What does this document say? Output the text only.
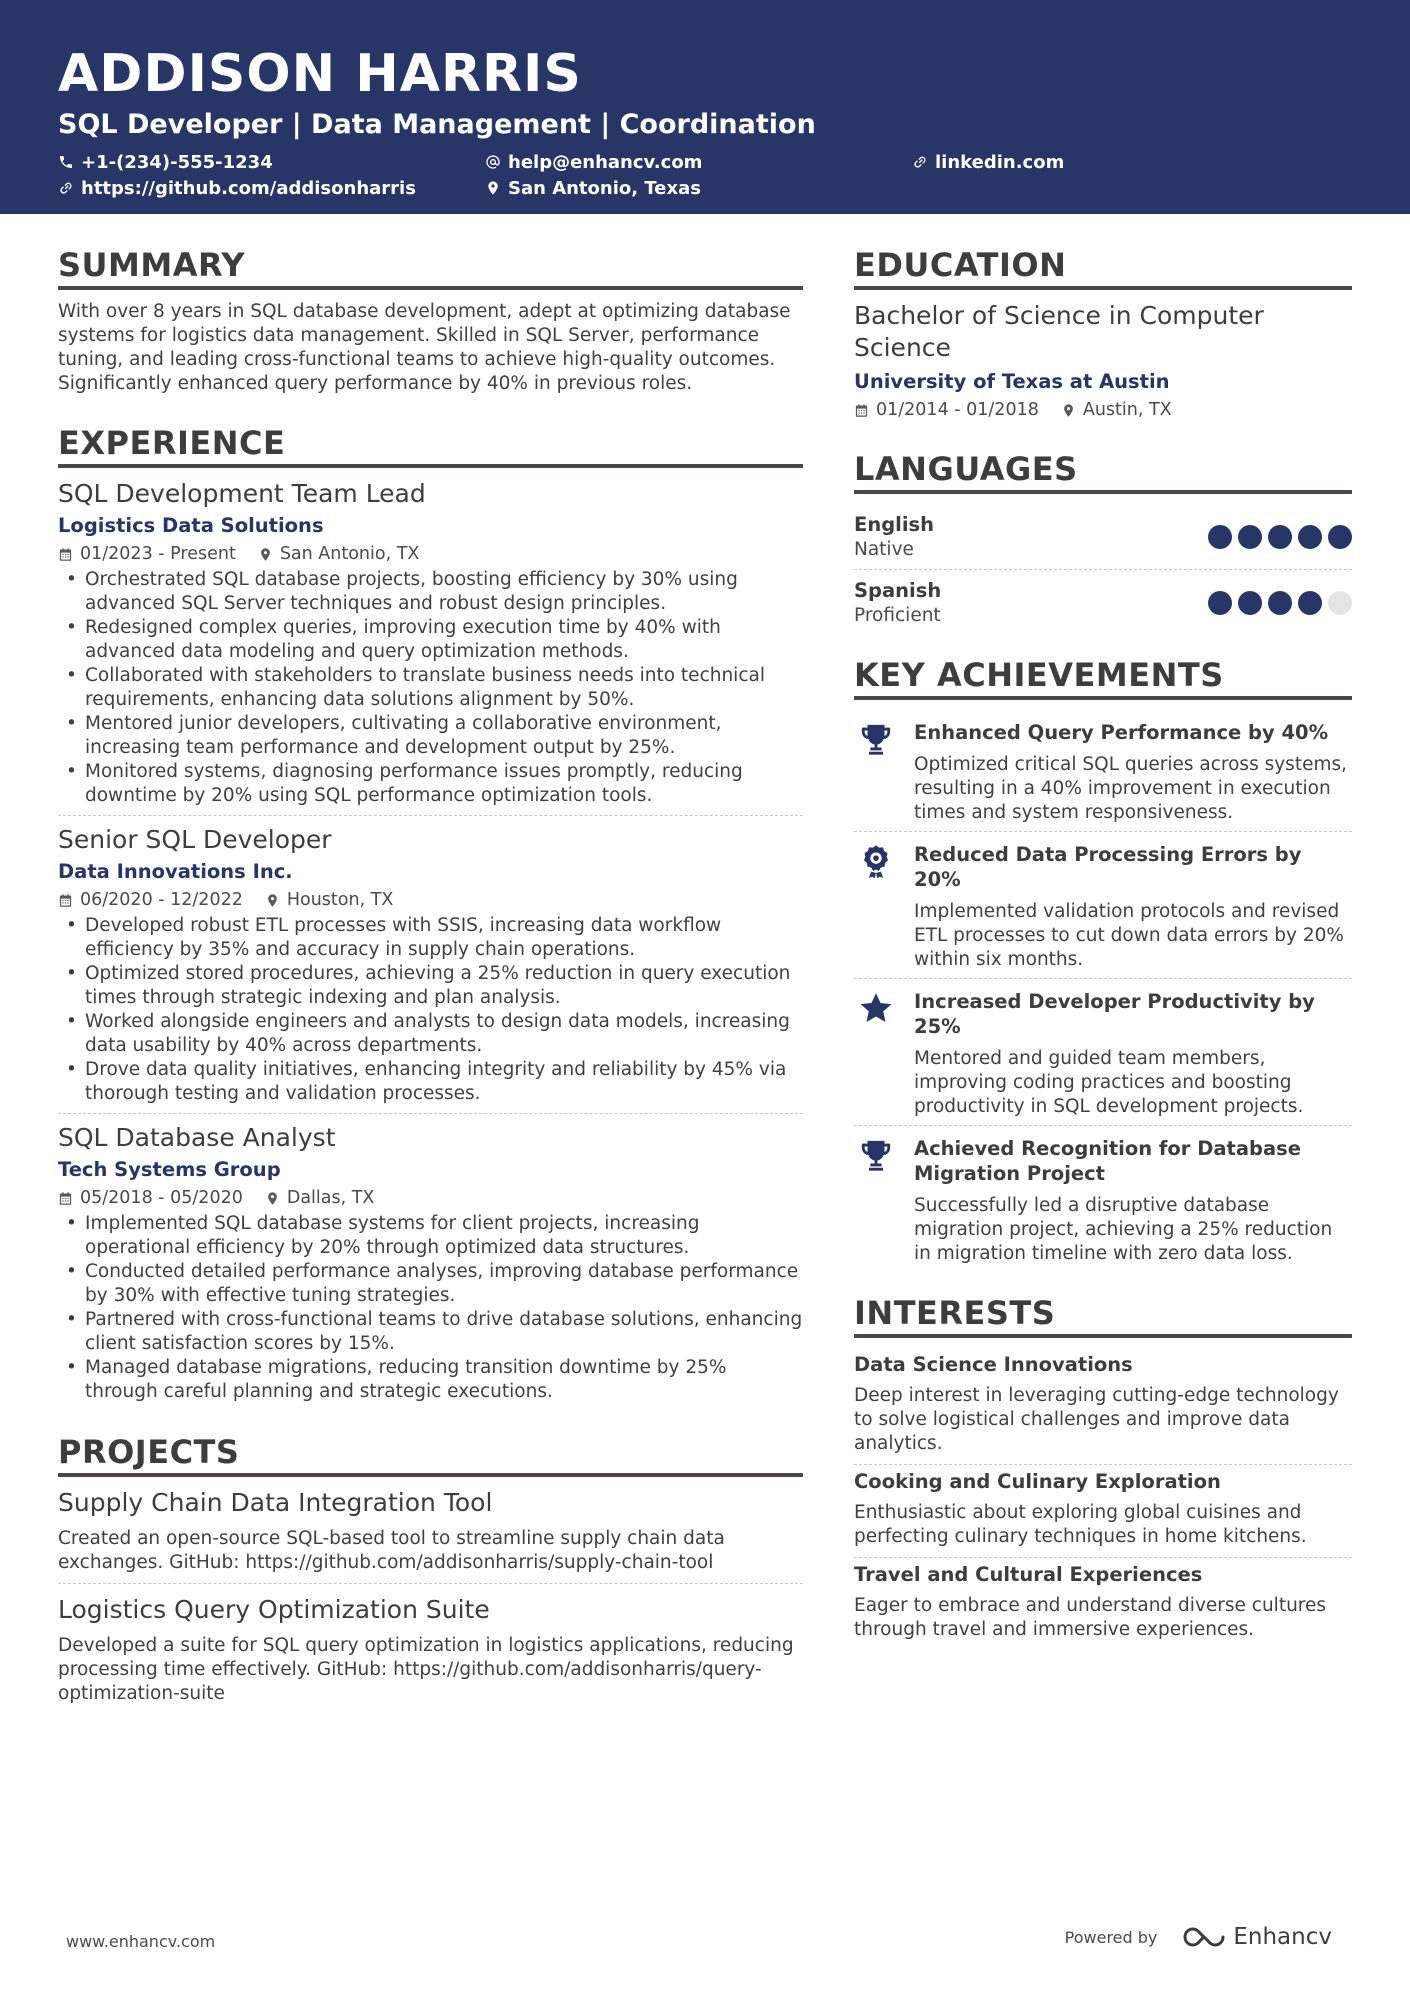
ADDISON HARRIS
SQL Developer | Data Management | Coordination
+1-(234)-555-1234	help@enhancv.com	linkedin.com
https://github.com/addisonharris	San Antonio, Texas
SUMMARY
With over 8 years in SQL database development, adept at optimizing database systems for logistics data management. Skilled in SQL Server, performance tuning, and leading cross-functional teams to achieve high-quality outcomes. Significantly enhanced query performance by 40% in previous roles.
EXPERIENCE
SQL Development Team Lead
Logistics Data Solutions
01/2023 - Present	San Antonio, TX
• Orchestrated SQL database projects, boosting efficiency by 30% using advanced SQL Server techniques and robust design principles.
• Redesigned complex queries, improving execution time by 40% with advanced data modeling and query optimization methods.
• Collaborated with stakeholders to translate business needs into technical requirements, enhancing data solutions alignment by 50%.
• Mentored junior developers, cultivating a collaborative environment, increasing team performance and development output by 25%.
• Monitored systems, diagnosing performance issues promptly, reducing downtime by 20% using SQL performance optimization tools.
Senior SQL Developer
Data Innovations Inc.
06/2020 - 12/2022	Houston, TX
• Developed robust ETL processes with SSIS, increasing data workflow efficiency by 35% and accuracy in supply chain operations.
• Optimized stored procedures, achieving a 25% reduction in query execution times through strategic indexing and plan analysis.
• Worked alongside engineers and analysts to design data models, increasing data usability by 40% across departments.
• Drove data quality initiatives, enhancing integrity and reliability by 45% via thorough testing and validation processes.
SQL Database Analyst
Tech Systems Group
05/2018 - 05/2020	Dallas, TX
• Implemented SQL database systems for client projects, increasing operational efficiency by 20% through optimized data structures.
• Conducted detailed performance analyses, improving database performance by 30% with effective tuning strategies.
• Partnered with cross-functional teams to drive database solutions, enhancing client satisfaction scores by 15%.
• Managed database migrations, reducing transition downtime by 25% through careful planning and strategic executions.
PROJECTS
Supply Chain Data Integration Tool
Created an open-source SQL-based tool to streamline supply chain data exchanges. GitHub: https://github.com/addisonharris/supply-chain-tool
Logistics Query Optimization Suite
Developed a suite for SQL query optimization in logistics applications, reducing processing time effectively. GitHub: https://github.com/addisonharris/query-optimization-suite
EDUCATION
Bachelor of Science in Computer Science
University of Texas at Austin
01/2014 - 01/2018	Austin, TX
LANGUAGES
English
Native
Spanish
Proficient
KEY ACHIEVEMENTS
Enhanced Query Performance by 40%
Optimized critical SQL queries across systems, resulting in a 40% improvement in execution times and system responsiveness.
Reduced Data Processing Errors by 20%
Implemented validation protocols and revised ETL processes to cut down data errors by 20% within six months.
Increased Developer Productivity by 25%
Mentored and guided team members, improving coding practices and boosting productivity in SQL development projects.
Achieved Recognition for Database Migration Project
Successfully led a disruptive database migration project, achieving a 25% reduction in migration timeline with zero data loss.
INTERESTS
Data Science Innovations
Deep interest in leveraging cutting-edge technology to solve logistical challenges and improve data analytics.
Cooking and Culinary Exploration
Enthusiastic about exploring global cuisines and perfecting culinary techniques in home kitchens.
Travel and Cultural Experiences
Eager to embrace and understand diverse cultures through travel and immersive experiences.
www.enhancv.com	Powered by	Enhancv
